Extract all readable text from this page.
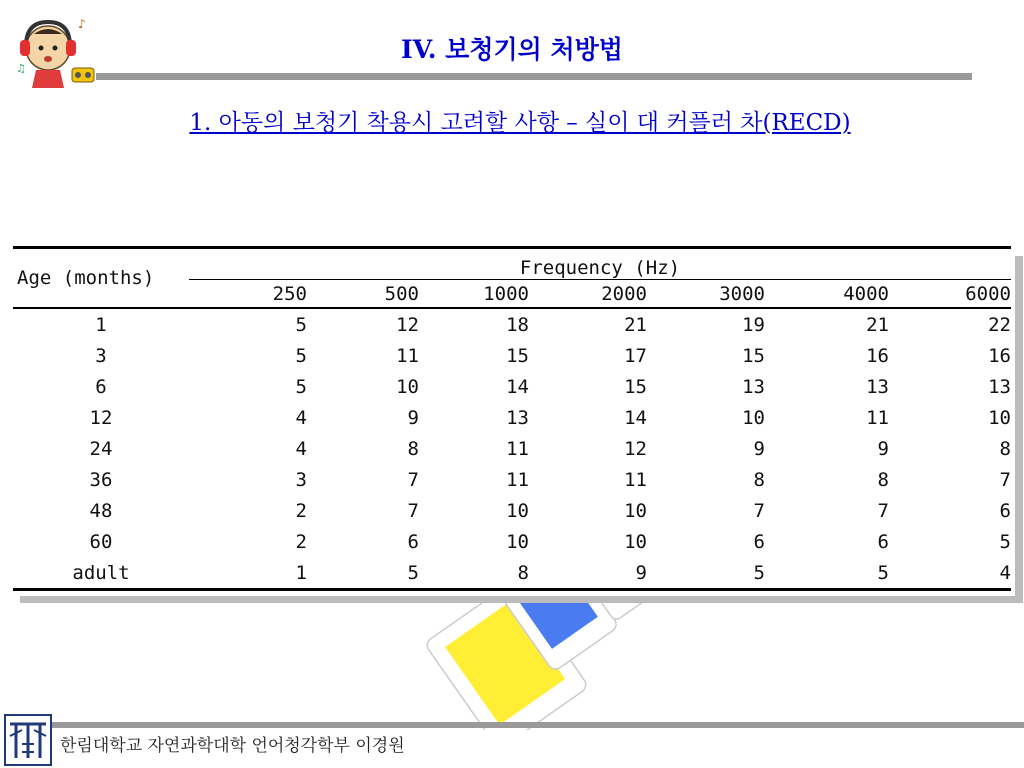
♪
♫
IV. 보청기의 처방법
1. 아동의 보청기 착용시 고려할 사항 – 실이 대 커플러 차(RECD)
Age (months)	Frequency (Hz)						
	250	500	1000	2000	3000	4000	6000

1	5	12	18	21	19	21	22
3	5	11	15	17	15	16	16
6	5	10	14	15	13	13	13
12	4	9	13	14	10	11	10
24	4	8	11	12	9	9	8
36	3	7	11	11	8	8	7
48	2	7	10	10	7	7	6
60	2	6	10	10	6	6	5
adult	1	5	8	9	5	5	4
한림대학교 자연과학대학 언어청각학부 이경원
